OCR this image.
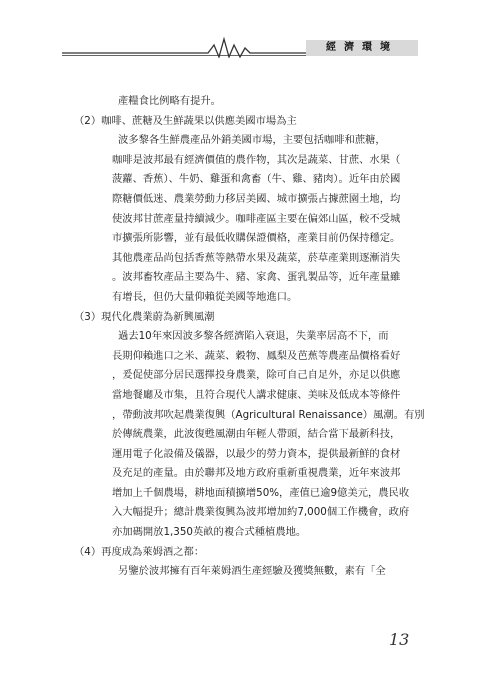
經濟環境

產糧食比例略有提升。

（2）咖啡、蔗糖及生鮮蔬果以供應美國市場為主

波多黎各生鮮農產品外銷美國市場，主要包括咖啡和蔗糖，

咖啡是波邦最有經濟價值的農作物，其次是蔬菜、甘蔗、水果（

菠蘿、香蕉）、牛奶、雞蛋和禽畜（牛、雞、豬肉）。近年由於國

際糖價低迷、農業勞動力移居美國、城市擴張占據蔗園土地，均

使波邦甘蔗產量持續減少。咖啡產區主要在偏郊山區，較不受城

市擴張所影響，並有最低收購保證價格，產業目前仍保持穩定。

其他農產品尚包括香蕉等熱帶水果及蔬菜，菸草產業則逐漸消失

。波邦畜牧產品主要為牛、豬、家禽、蛋乳製品等，近年產量雖

有增長，但仍大量仰賴從美國等地進口。

（3）現代化農業蔚為新興風潮

過去10年來因波多黎各經濟陷入衰退，失業率居高不下，而

長期仰賴進口之米、蔬菜、穀物、鳳梨及芭蕉等農產品價格看好

，爰促使部分居民選擇投身農業，除可自己自足外，亦足以供應

當地餐廳及市集，且符合現代人講求健康、美味及低成本等條件

，帶動波邦吹起農業復興（Agricultural Renaissance）風潮。有別

於傳統農業，此波復甦風潮由年輕人帶頭，結合當下最新科技，

運用電子化設備及儀器，以最少的勞力資本，提供最新鮮的食材

及充足的產量。由於聯邦及地方政府重新重視農業，近年來波邦

增加上千個農場，耕地面積擴增50%，產值已逾9億美元，農民收

入大幅提升；總計農業復興為波邦增加約7,000個工作機會，政府

亦加碼開放1,350英畝的複合式種植農地。

（4）再度成為萊姆酒之都：

另鑒於波邦擁有百年萊姆酒生產經驗及獲獎無數，素有「全

13
